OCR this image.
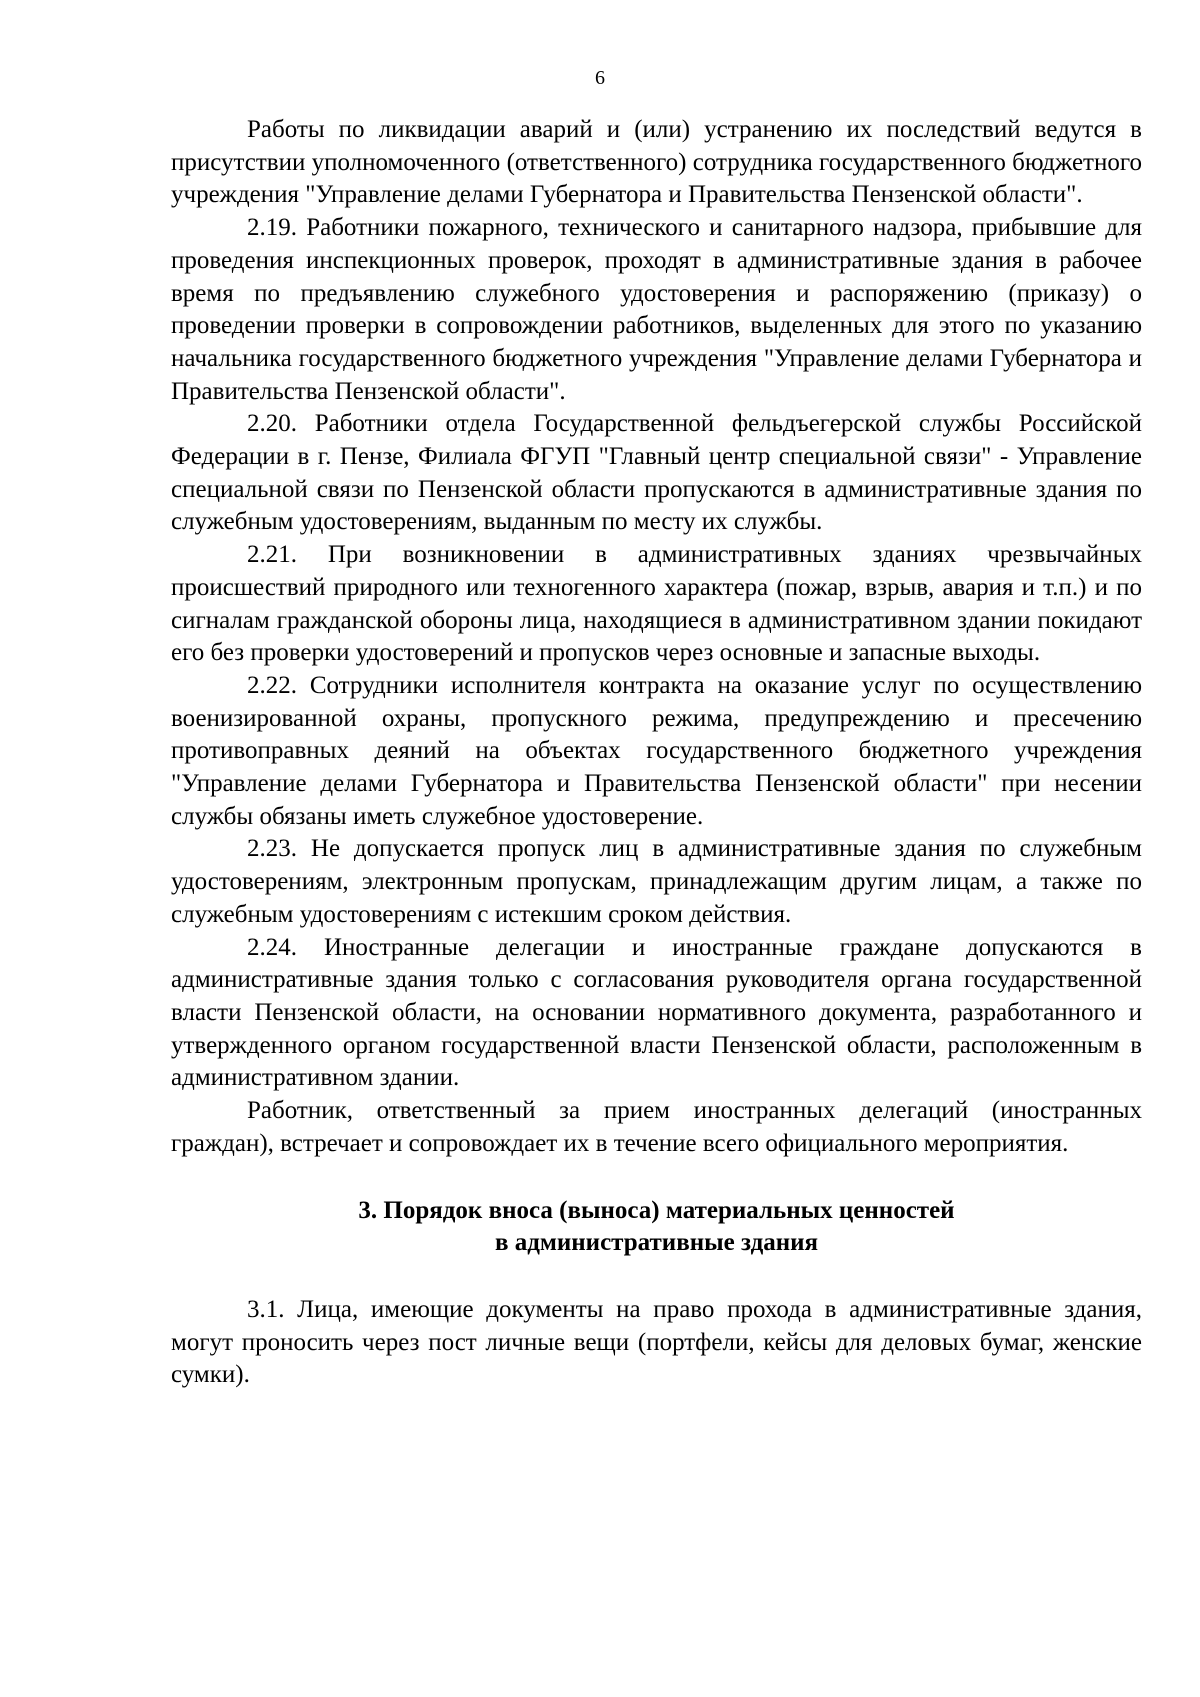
6

Работы по ликвидации аварий и (или) устранению их последствий ведутся в присутствии уполномоченного (ответственного) сотрудника государственного бюджетного учреждения "Управление делами Губернатора и Правительства Пензенской области".

2.19. Работники пожарного, технического и санитарного надзора, прибывшие для проведения инспекционных проверок, проходят в административные здания в рабочее время по предъявлению служебного удостоверения и распоряжению (приказу) о проведении проверки в сопровождении работников, выделенных для этого по указанию начальника государственного бюджетного учреждения "Управление делами Губернатора и Правительства Пензенской области".

2.20. Работники отдела Государственной фельдъегерской службы Российской Федерации в г. Пензе, Филиала ФГУП "Главный центр специальной связи" - Управление специальной связи по Пензенской области пропускаются в административные здания по служебным удостоверениям, выданным по месту их службы.

2.21. При возникновении в административных зданиях чрезвычайных происшествий природного или техногенного характера (пожар, взрыв, авария и т.п.) и по сигналам гражданской обороны лица, находящиеся в административном здании покидают его без проверки удостоверений и пропусков через основные и запасные выходы.

2.22. Сотрудники исполнителя контракта на оказание услуг по осуществлению военизированной охраны, пропускного режима, предупреждению и пресечению противоправных деяний на объектах государственного бюджетного учреждения "Управление делами Губернатора и Правительства Пензенской области" при несении службы обязаны иметь служебное удостоверение.

2.23. Не допускается пропуск лиц в административные здания по служебным удостоверениям, электронным пропускам, принадлежащим другим лицам, а также по служебным удостоверениям с истекшим сроком действия.

2.24. Иностранные делегации и иностранные граждане допускаются в административные здания только с согласования руководителя органа государственной власти Пензенской области, на основании нормативного документа, разработанного и утвержденного органом государственной власти Пензенской области, расположенным в административном здании.

Работник, ответственный за прием иностранных делегаций (иностранных граждан), встречает и сопровождает их в течение всего официального мероприятия.

3. Порядок вноса (выноса) материальных ценностей
в административные здания

3.1. Лица, имеющие документы на право прохода в административные здания, могут проносить через пост личные вещи (портфели, кейсы для деловых бумаг, женские сумки).
